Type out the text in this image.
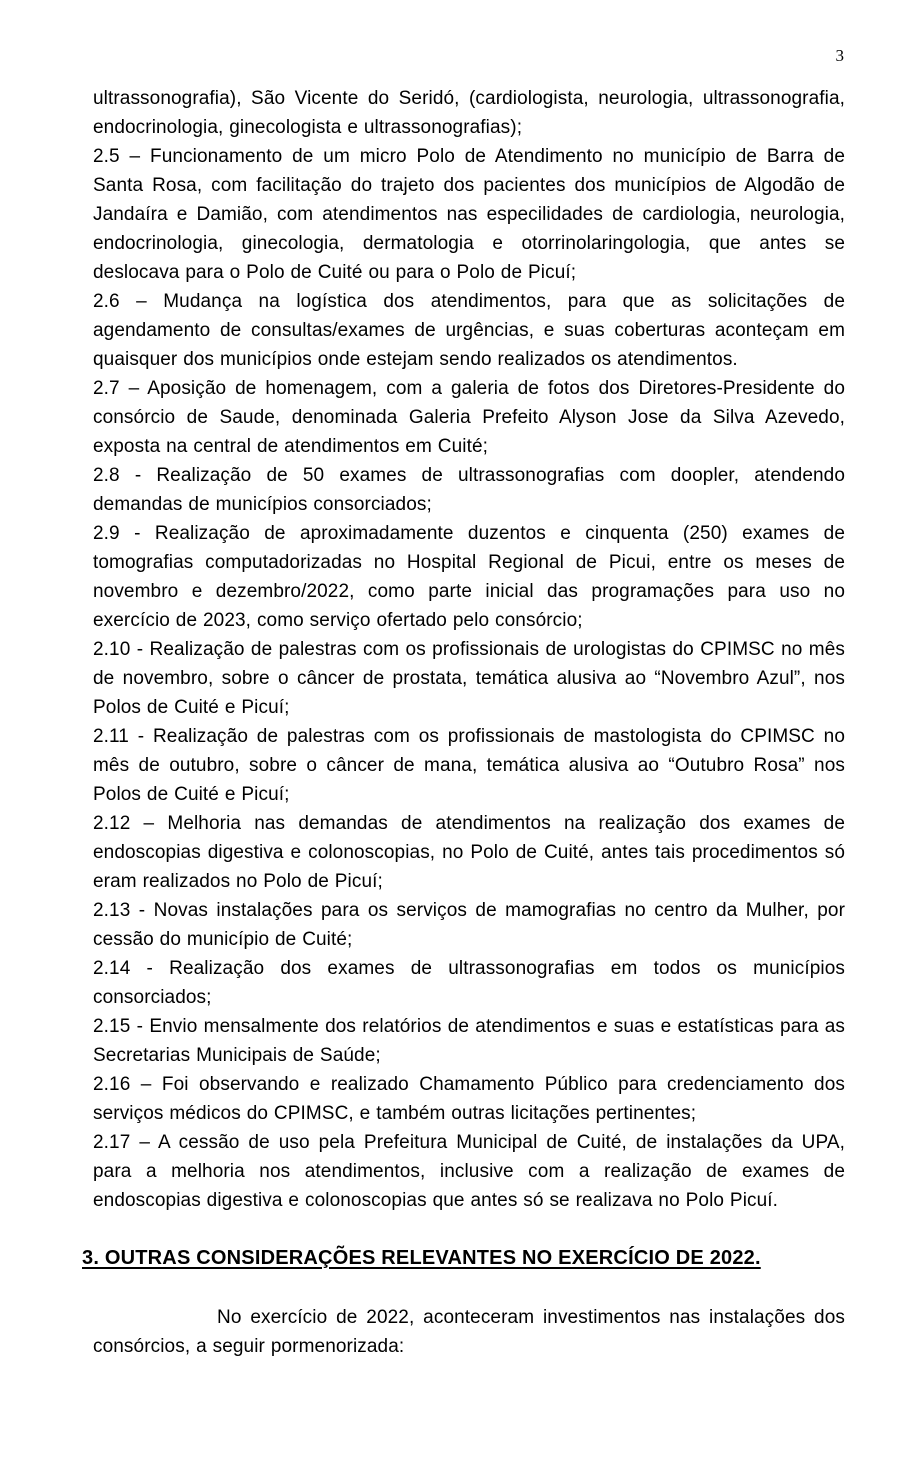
3

ultrassonografia), São Vicente do Seridó, (cardiologista, neurologia, ultrassonografia, endocrinologia, ginecologista e ultrassonografias);

2.5 – Funcionamento de um micro Polo de Atendimento no município de Barra de Santa Rosa, com facilitação do trajeto dos pacientes dos municípios de Algodão de Jandaíra e Damião, com atendimentos nas especilidades de cardiologia, neurologia, endocrinologia, ginecologia, dermatologia e otorrinolaringologia, que antes se deslocava para o Polo de Cuité ou para o Polo de Picuí;

2.6 – Mudança na logística dos atendimentos, para que as solicitações de agendamento de consultas/exames de urgências, e suas coberturas aconteçam em quaisquer dos municípios onde estejam sendo realizados os atendimentos.

2.7 – Aposição de homenagem, com a galeria de fotos dos Diretores-Presidente do consórcio de Saude, denominada Galeria Prefeito Alyson Jose da Silva Azevedo, exposta na central de atendimentos em Cuité;

2.8 - Realização de 50 exames de ultrassonografias com doopler, atendendo demandas de municípios consorciados;

2.9 - Realização de aproximadamente duzentos e cinquenta (250) exames de tomografias computadorizadas no Hospital Regional de Picui, entre os meses de novembro e dezembro/2022, como parte inicial das programações para uso no exercício de 2023, como serviço ofertado pelo consórcio;

2.10 - Realização de palestras com os profissionais de urologistas do CPIMSC no mês de novembro, sobre o câncer de prostata, temática alusiva ao “Novembro Azul”, nos Polos de Cuité e Picuí;

2.11 - Realização de palestras com os profissionais de mastologista do CPIMSC no mês de outubro, sobre o câncer de mana, temática alusiva ao “Outubro Rosa” nos Polos de Cuité e Picuí;

2.12 – Melhoria nas demandas de atendimentos na realização dos exames de endoscopias digestiva e colonoscopias, no Polo de Cuité, antes tais procedimentos só eram realizados no Polo de Picuí;

2.13 - Novas instalações para os serviços de mamografias no centro da Mulher, por cessão do município de Cuité;

2.14 - Realização dos exames de ultrassonografias em todos os municípios consorciados;

2.15 - Envio mensalmente dos relatórios de atendimentos e suas e estatísticas para as Secretarias Municipais de Saúde;

2.16 – Foi observando e realizado Chamamento Público para credenciamento dos serviços médicos do CPIMSC, e também outras licitações pertinentes;

2.17 – A cessão de uso pela Prefeitura Municipal de Cuité, de instalações da UPA, para a melhoria nos atendimentos, inclusive com a realização de exames de endoscopias digestiva e colonoscopias que antes só se realizava no Polo Picuí.

3. OUTRAS CONSIDERAÇÕES RELEVANTES NO EXERCÍCIO DE 2022.

No exercício de 2022, aconteceram investimentos nas instalações dos consórcios, a seguir pormenorizada:
